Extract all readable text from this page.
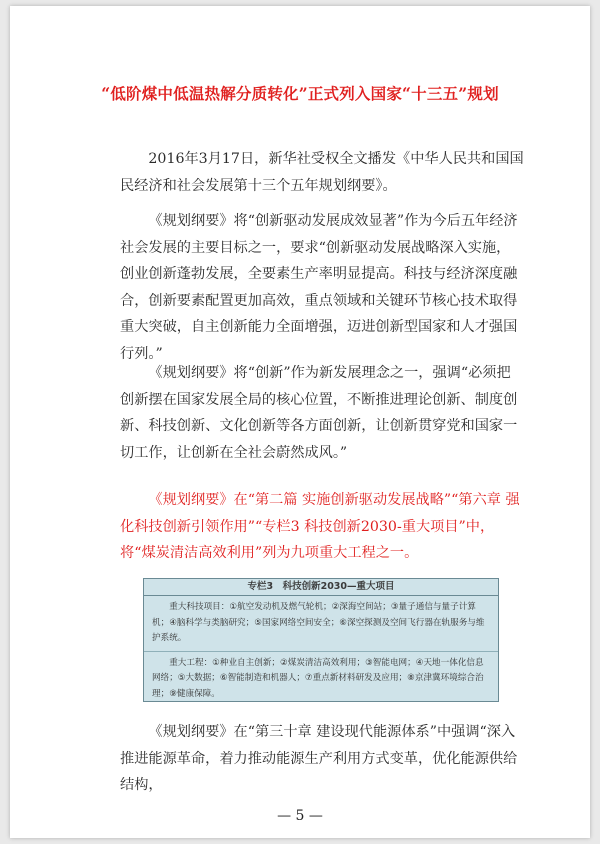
“低阶煤中低温热解分质转化”正式列入国家“十三五”规划

2016年3月17日，新华社受权全文播发《中华人民共和国国民经济和社会发展第十三个五年规划纲要》。

《规划纲要》将“创新驱动发展成效显著”作为今后五年经济社会发展的主要目标之一，要求“创新驱动发展战略深入实施，创业创新蓬勃发展，全要素生产率明显提高。科技与经济深度融合，创新要素配置更加高效，重点领域和关键环节核心技术取得重大突破，自主创新能力全面增强，迈进创新型国家和人才强国行列。”

《规划纲要》将“创新”作为新发展理念之一，强调“必须把创新摆在国家发展全局的核心位置，不断推进理论创新、制度创新、科技创新、文化创新等各方面创新，让创新贯穿党和国家一切工作，让创新在全社会蔚然成风。”

《规划纲要》在“第二篇 实施创新驱动发展战略”“第六章 强化科技创新引领作用”“专栏3 科技创新2030-重大项目”中，将“煤炭清洁高效利用”列为九项重大工程之一。

专栏3　科技创新2030—重大项目
重大科技项目：①航空发动机及燃气轮机；②深海空间站；③量子通信与量子计算机；④脑科学与类脑研究；⑤国家网络空间安全；⑥深空探测及空间飞行器在轨服务与维护系统。
重大工程：①种业自主创新；②煤炭清洁高效利用；③智能电网；④天地一体化信息网络；⑤大数据；⑥智能制造和机器人；⑦重点新材料研发及应用；⑧京津冀环境综合治理；⑨健康保障。

《规划纲要》在“第三十章 建设现代能源体系”中强调“深入推进能源革命，着力推动能源生产利用方式变革，优化能源供给结构，

— 5 —
